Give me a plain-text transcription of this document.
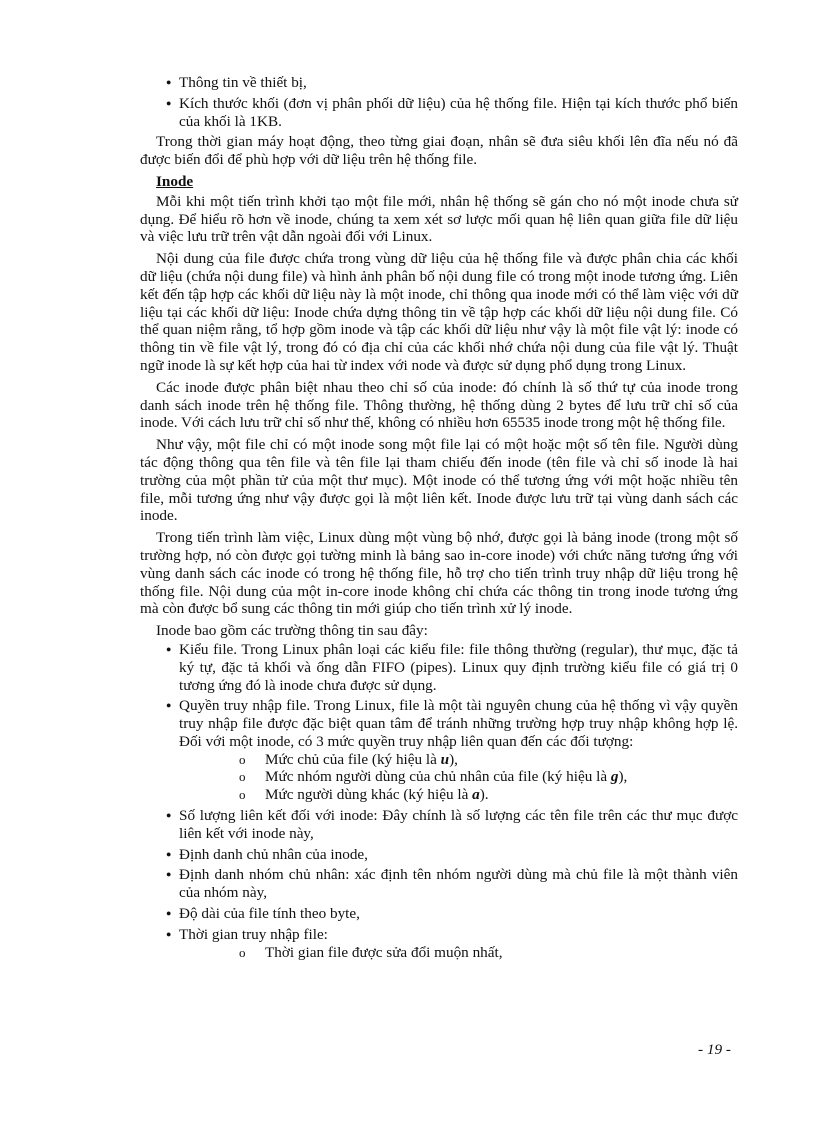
● Thông tin về thiết bị,
● Kích thước khối (đơn vị phân phối dữ liệu) của hệ thống file. Hiện tại kích thước phổ biến của khối là 1KB.

Trong thời gian máy hoạt động, theo từng giai đoạn, nhân sẽ đưa siêu khối lên đĩa nếu nó đã được biến đổi để phù hợp với dữ liệu trên hệ thống file.

Inode

Mỗi khi một tiến trình khởi tạo một file mới, nhân hệ thống sẽ gán cho nó một inode chưa sử dụng. Để hiểu rõ hơn về inode, chúng ta xem xét sơ lược mối quan hệ liên quan giữa file dữ liệu và việc lưu trữ trên vật dẫn ngoài đối với Linux.

Nội dung của file được chứa trong vùng dữ liệu của hệ thống file và được phân chia các khối dữ liệu (chứa nội dung file) và hình ảnh phân bố nội dung file có trong một inode tương ứng. Liên kết đến tập hợp các khối dữ liệu này là một inode, chỉ thông qua inode mới có thể làm việc với dữ liệu tại các khối dữ liệu: Inode chứa dựng thông tin về tập hợp các khối dữ liệu nội dung file. Có thể quan niệm rằng, tổ hợp gồm inode và tập các khối dữ liệu như vậy là một file vật lý: inode có thông tin về file vật lý, trong đó có địa chỉ của các khối nhớ chứa nội dung của file vật lý. Thuật ngữ inode là sự kết hợp của hai từ index với node và được sử dụng phổ dụng trong Linux.

Các inode được phân biệt nhau theo chỉ số của inode: đó chính là số thứ tự của inode trong danh sách inode trên hệ thống file. Thông thường, hệ thống dùng 2 bytes để lưu trữ chỉ số của inode. Với cách lưu trữ chỉ số như thế, không có nhiều hơn 65535 inode trong một hệ thống file.

Như vậy, một file chỉ có một inode song một file lại có một hoặc một số tên file. Người dùng tác động thông qua tên file và tên file lại tham chiếu đến inode (tên file và chỉ số inode là hai trường của một phần tử của một thư mục). Một inode có thể tương ứng với một hoặc nhiều tên file, mỗi tương ứng như vậy được gọi là một liên kết. Inode được lưu trữ tại vùng danh sách các inode.

Trong tiến trình làm việc, Linux dùng một vùng bộ nhớ, được gọi là bảng inode (trong một số trường hợp, nó còn được gọi tường minh là bảng sao in-core inode) với chức năng tương ứng với vùng danh sách các inode có trong hệ thống file, hỗ trợ cho tiến trình truy nhập dữ liệu trong hệ thống file. Nội dung của một in-core inode không chỉ chứa các thông tin trong inode tương ứng mà còn được bổ sung các thông tin mới giúp cho tiến trình xử lý inode.

Inode bao gồm các trường thông tin sau đây:

● Kiểu file. Trong Linux phân loại các kiểu file: file thông thường (regular), thư mục, đặc tả ký tự, đặc tả khối và ống dẫn FIFO (pipes). Linux quy định trường kiểu file có giá trị 0 tương ứng đó là inode chưa được sử dụng.
● Quyền truy nhập file. Trong Linux, file là một tài nguyên chung của hệ thống vì vậy quyền truy nhập file được đặc biệt quan tâm để tránh những trường hợp truy nhập không hợp lệ. Đối với một inode, có 3 mức quyền truy nhập liên quan đến các đối tượng:
o Mức chủ của file (ký hiệu là u),
o Mức nhóm người dùng của chủ nhân của file (ký hiệu là g),
o Mức người dùng khác (ký hiệu là a).
● Số lượng liên kết đối với inode: Đây chính là số lượng các tên file trên các thư mục được liên kết với inode này,
● Định danh chủ nhân của inode,
● Định danh nhóm chủ nhân: xác định tên nhóm người dùng mà chủ file là một thành viên của nhóm này,
● Độ dài của file tính theo byte,
● Thời gian truy nhập file:
o Thời gian file được sửa đổi muộn nhất,
- 19 -
